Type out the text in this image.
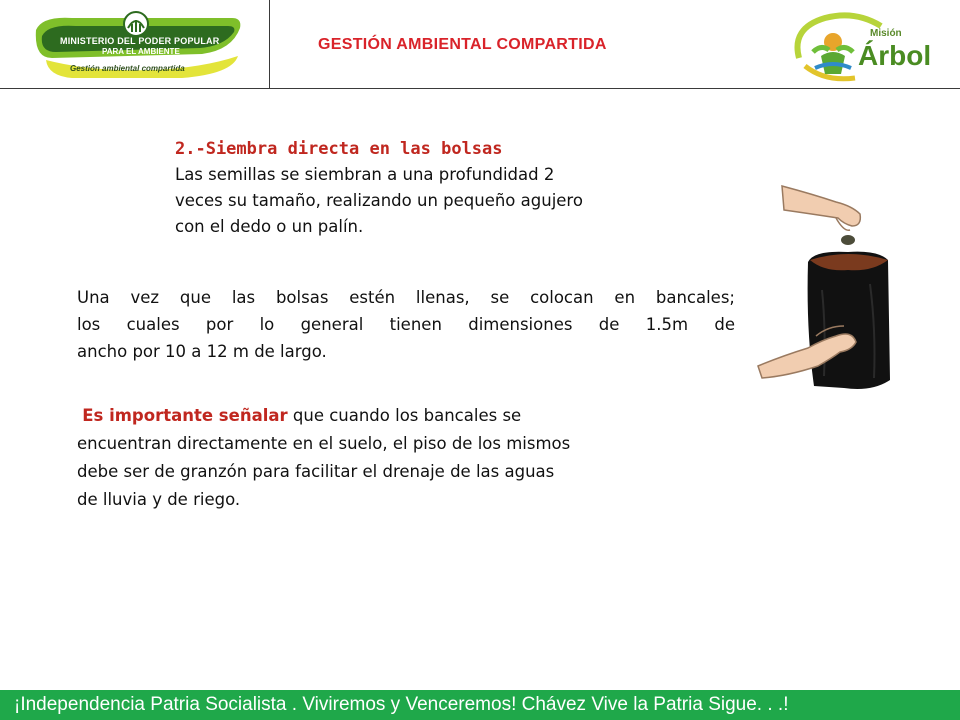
MINISTERIO DEL PODER POPULAR
PARA EL AMBIENTE
Gestión ambiental compartida
GESTIÓN AMBIENTAL COMPARTIDA
Misión
Árbol
2.-Siembra directa en las bolsas
Las semillas se siembran a una profundidad 2
veces su tamaño, realizando un pequeño agujero
con el dedo o un palín.
Una vez que las bolsas estén llenas, se colocan en bancales;
los cuales por lo general tienen dimensiones de 1.5m de
ancho por 10 a 12 m de largo.
Es importante señalar que cuando los bancales se
encuentran directamente en el suelo, el piso de los mismos
debe ser de granzón para facilitar el drenaje de las aguas
de lluvia y de riego.
¡Independencia Patria Socialista . Viviremos y Venceremos! Chávez Vive la Patria Sigue. . .!
